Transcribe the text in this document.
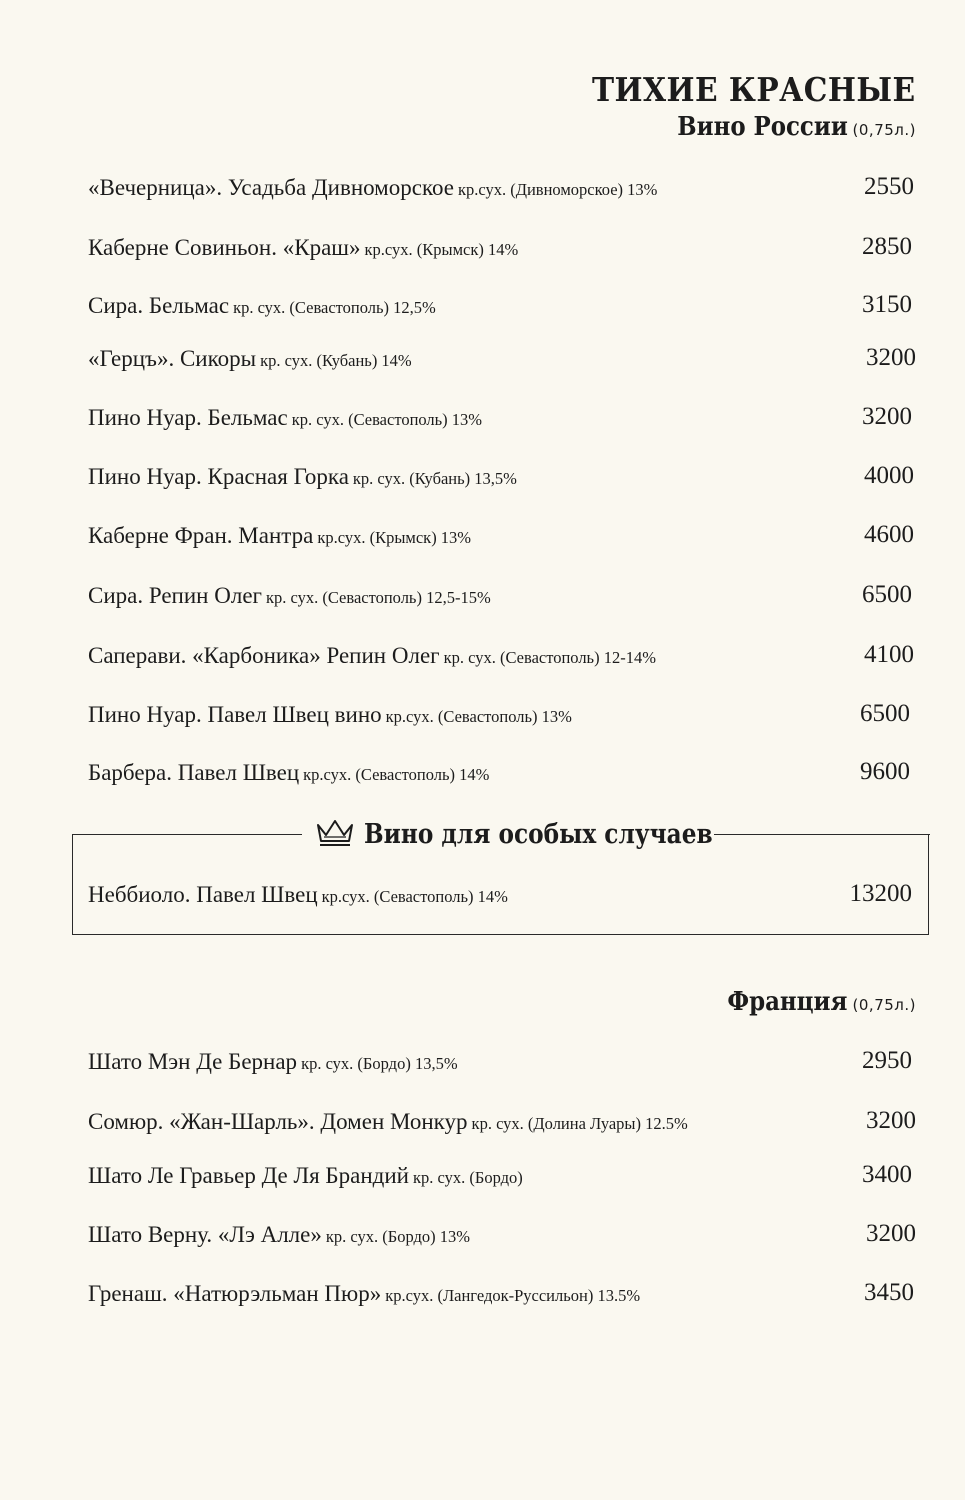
ТИХИЕ КРАСНЫЕ
Вино России (0,75л.)
«Вечерница». Усадьба Дивноморское кр.сух. (Дивноморское) 13%	2550
Каберне Совиньон. «Краш» кр.сух. (Крымск) 14%	2850
Сира. Бельмас кр. сух. (Севастополь) 12,5%	3150
«Герцъ». Сикоры кр. сух. (Кубань) 14%	3200
Пино Нуар. Бельмас кр. сух. (Севастополь) 13%	3200
Пино Нуар. Красная Горка кр. сух. (Кубань) 13,5%	4000
Каберне Фран. Мантра кр.сух. (Крымск) 13%	4600
Сира. Репин Олег кр. сух. (Севастополь) 12,5-15%	6500
Саперави. «Карбоника» Репин Олег кр. сух. (Севастополь) 12-14%	4100
Пино Нуар. Павел Швец вино кр.сух. (Севастополь) 13%	6500
Барбера. Павел Швец кр.сух. (Севастополь) 14%	9600
Вино для особых случаев
Неббиоло. Павел Швец кр.сух. (Севастополь) 14%	13200
Франция (0,75л.)
Шато Мэн Де Бернар кр. сух. (Бордо) 13,5%	2950
Сомюр. «Жан-Шарль». Домен Монкур кр. сух. (Долина Луары) 12.5%	3200
Шато Ле Гравьер Де Ля Брандий кр. сух. (Бордо)	3400
Шато Верну. «Лэ Алле» кр. сух. (Бордо) 13%	3200
Гренаш. «Натюрэльман Пюр» кр.сух. (Лангедок-Руссильон) 13.5%	3450
